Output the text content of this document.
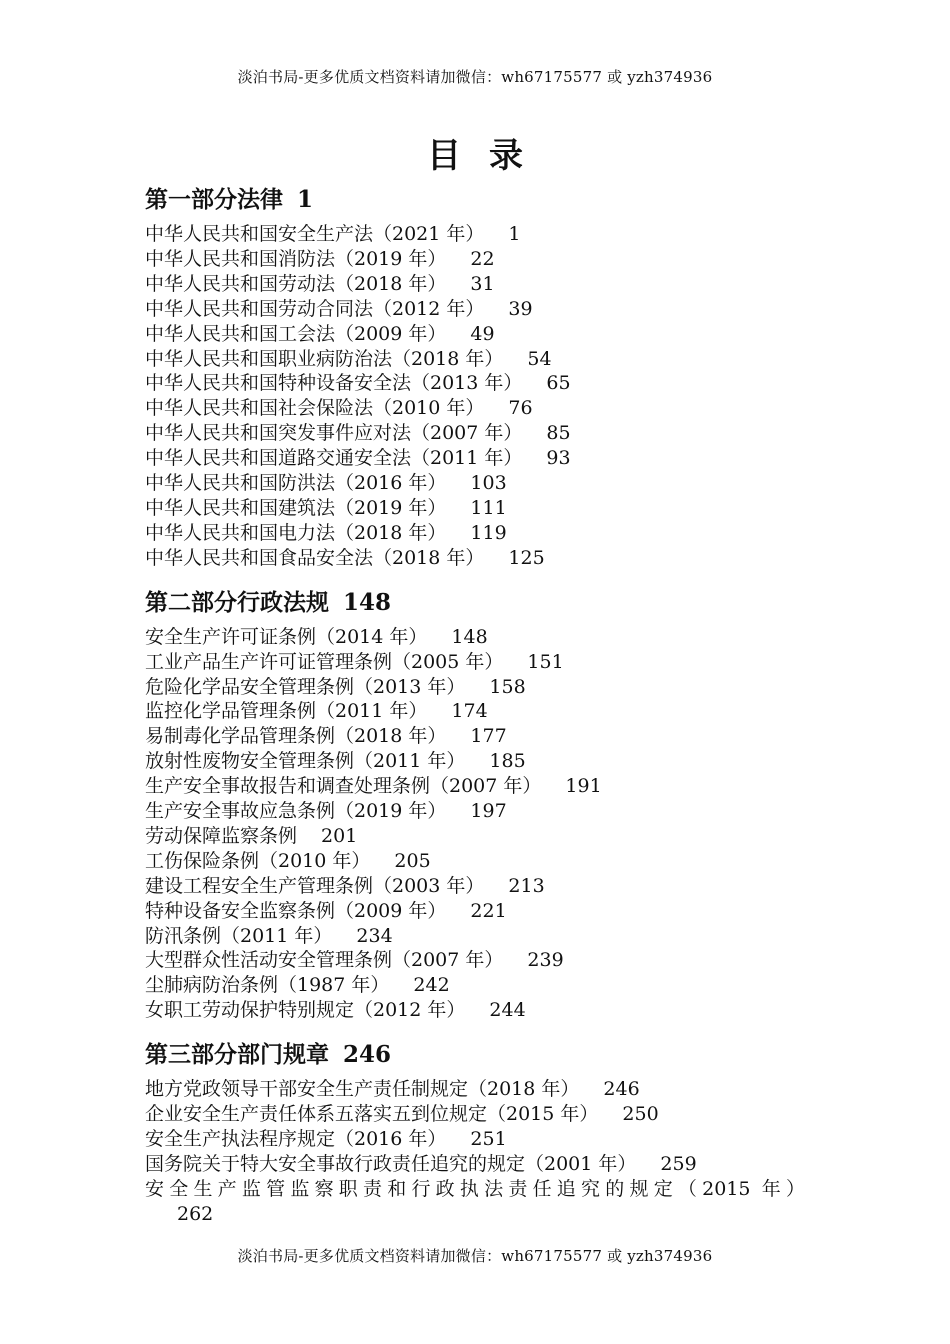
淡泊书局-更多优质文档资料请加微信：wh67175577 或 yzh374936
目录
第一部分法律 1
中华人民共和国安全生产法（2021 年） 1
中华人民共和国消防法（2019 年） 22
中华人民共和国劳动法（2018 年） 31
中华人民共和国劳动合同法（2012 年） 39
中华人民共和国工会法（2009 年） 49
中华人民共和国职业病防治法（2018 年） 54
中华人民共和国特种设备安全法（2013 年） 65
中华人民共和国社会保险法（2010 年） 76
中华人民共和国突发事件应对法（2007 年） 85
中华人民共和国道路交通安全法（2011 年） 93
中华人民共和国防洪法（2016 年） 103
中华人民共和国建筑法（2019 年） 111
中华人民共和国电力法（2018 年） 119
中华人民共和国食品安全法（2018 年） 125
第二部分行政法规 148
安全生产许可证条例（2014 年） 148
工业产品生产许可证管理条例（2005 年） 151
危险化学品安全管理条例（2013 年） 158
监控化学品管理条例（2011 年） 174
易制毒化学品管理条例（2018 年） 177
放射性废物安全管理条例（2011 年） 185
生产安全事故报告和调查处理条例（2007 年） 191
生产安全事故应急条例（2019 年） 197
劳动保障监察条例 201
工伤保险条例（2010 年） 205
建设工程安全生产管理条例（2003 年） 213
特种设备安全监察条例（2009 年） 221
防汛条例（2011 年） 234
大型群众性活动安全管理条例（2007 年） 239
尘肺病防治条例（1987 年） 242
女职工劳动保护特别规定（2012 年） 244
第三部分部门规章 246
地方党政领导干部安全生产责任制规定（2018 年） 246
企业安全生产责任体系五落实五到位规定（2015 年） 250
安全生产执法程序规定（2016 年） 251
国务院关于特大安全事故行政责任追究的规定（2001 年） 259
安全生产监管监察职责和行政执法责任追究的规定（2015 年）
262
淡泊书局-更多优质文档资料请加微信：wh67175577 或 yzh374936
